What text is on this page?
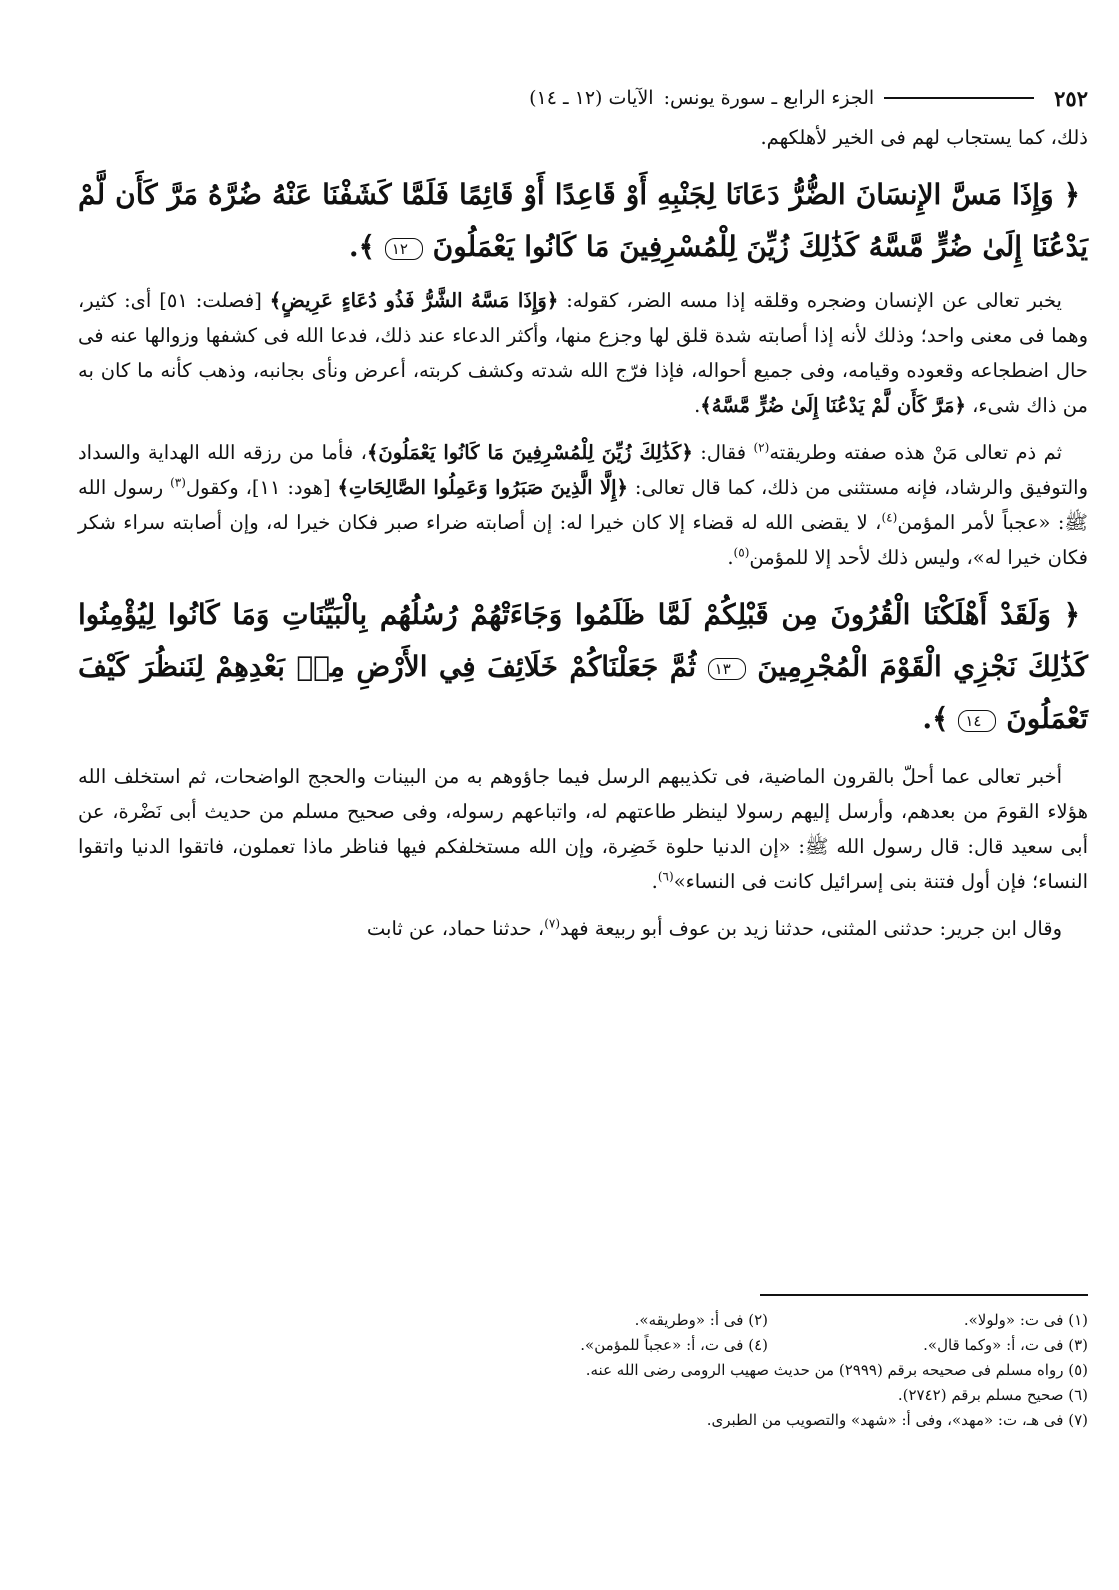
٢٥٢
الجزء الرابع ـ سورة يونس:
الآيات (١٢ ـ ١٤)

ذلك، كما يستجاب لهم فى الخير لأهلكهم.

﴿ وَإِذَا مَسَّ الإِنسَانَ الضُّرُّ دَعَانَا لِجَنْبِهِ أَوْ قَاعِدًا أَوْ قَائِمًا فَلَمَّا كَشَفْنَا عَنْهُ ضُرَّهُ مَرَّ كَأَن لَّمْ يَدْعُنَا إِلَىٰ ضُرٍّ مَّسَّهُ كَذَٰلِكَ زُيِّنَ لِلْمُسْرِفِينَ مَا كَانُوا يَعْمَلُونَ ١٢ ﴾.

يخبر تعالى عن الإنسان وضجره وقلقه إذا مسه الضر، كقوله: ﴿وَإِذَا مَسَّهُ الشَّرُّ فَذُو دُعَاءٍ عَرِيضٍ﴾ [فصلت: ٥١] أى: كثير، وهما فى معنى واحد؛ وذلك لأنه إذا أصابته شدة قلق لها وجزع منها، وأكثر الدعاء عند ذلك، فدعا الله فى كشفها وزوالها عنه فى حال اضطجاعه وقعوده وقيامه، وفى جميع أحواله، فإذا فرّج الله شدته وكشف كربته، أعرض ونأى بجانبه، وذهب كأنه ما كان به من ذاك شىء، ﴿مَرَّ كَأَن لَّمْ يَدْعُنَا إِلَىٰ ضُرٍّ مَّسَّهُ﴾.

ثم ذم تعالى مَنْ هذه صفته وطريقته$^{(٢)}$ فقال: ﴿كَذَٰلِكَ زُيِّنَ لِلْمُسْرِفِينَ مَا كَانُوا يَعْمَلُونَ﴾، فأما من رزقه الله الهداية والسداد والتوفيق والرشاد، فإنه مستثنى من ذلك، كما قال تعالى: ﴿إِلَّا الَّذِينَ صَبَرُوا وَعَمِلُوا الصَّالِحَاتِ﴾ [هود: ١١]، وكقول$^{(٣)}$ رسول الله ﷺ: «عجباً لأمر المؤمن$^{(٤)}$، لا يقضى الله له قضاء إلا كان خيرا له: إن أصابته ضراء صبر فكان خيرا له، وإن أصابته سراء شكر فكان خيرا له»، وليس ذلك لأحد إلا للمؤمن$^{(٥)}$.

﴿ وَلَقَدْ أَهْلَكْنَا الْقُرُونَ مِن قَبْلِكُمْ لَمَّا ظَلَمُوا وَجَاءَتْهُمْ رُسُلُهُم بِالْبَيِّنَاتِ وَمَا كَانُوا لِيُؤْمِنُوا كَذَٰلِكَ نَجْزِي الْقَوْمَ الْمُجْرِمِينَ ١٣ ثُمَّ جَعَلْنَاكُمْ خَلَائِفَ فِي الأَرْضِ مِنۢ بَعْدِهِمْ لِنَنظُرَ كَيْفَ تَعْمَلُونَ ١٤ ﴾.

أخبر تعالى عما أحلّ بالقرون الماضية، فى تكذيبهم الرسل فيما جاؤوهم به من البينات والحجج الواضحات، ثم استخلف الله هؤلاء القومَ من بعدهم، وأرسل إليهم رسولا لينظر طاعتهم له، واتباعهم رسوله، وفى صحيح مسلم من حديث أبى نَضْرة، عن أبى سعيد قال: قال رسول الله ﷺ: «إن الدنيا حلوة خَضِرة، وإن الله مستخلفكم فيها فناظر ماذا تعملون، فاتقوا الدنيا واتقوا النساء؛ فإن أول فتنة بنى إسرائيل كانت فى النساء»$^{(٦)}$.

وقال ابن جرير: حدثنى المثنى، حدثنا زيد بن عوف أبو ربيعة فهد$^{(٧)}$، حدثنا حماد، عن ثابت

(١) فى ت: «ولولا».
(٢) فى أ: «وطريقه».
(٣) فى ت، أ: «وكما قال».
(٤) فى ت، أ: «عجباً للمؤمن».
(٥) رواه مسلم فى صحيحه برقم (٢٩٩٩) من حديث صهيب الرومى رضى الله عنه.
(٦) صحيح مسلم برقم (٢٧٤٢).
(٧) فى هـ، ت: «مهد»، وفى أ: «شهد» والتصويب من الطبرى.
